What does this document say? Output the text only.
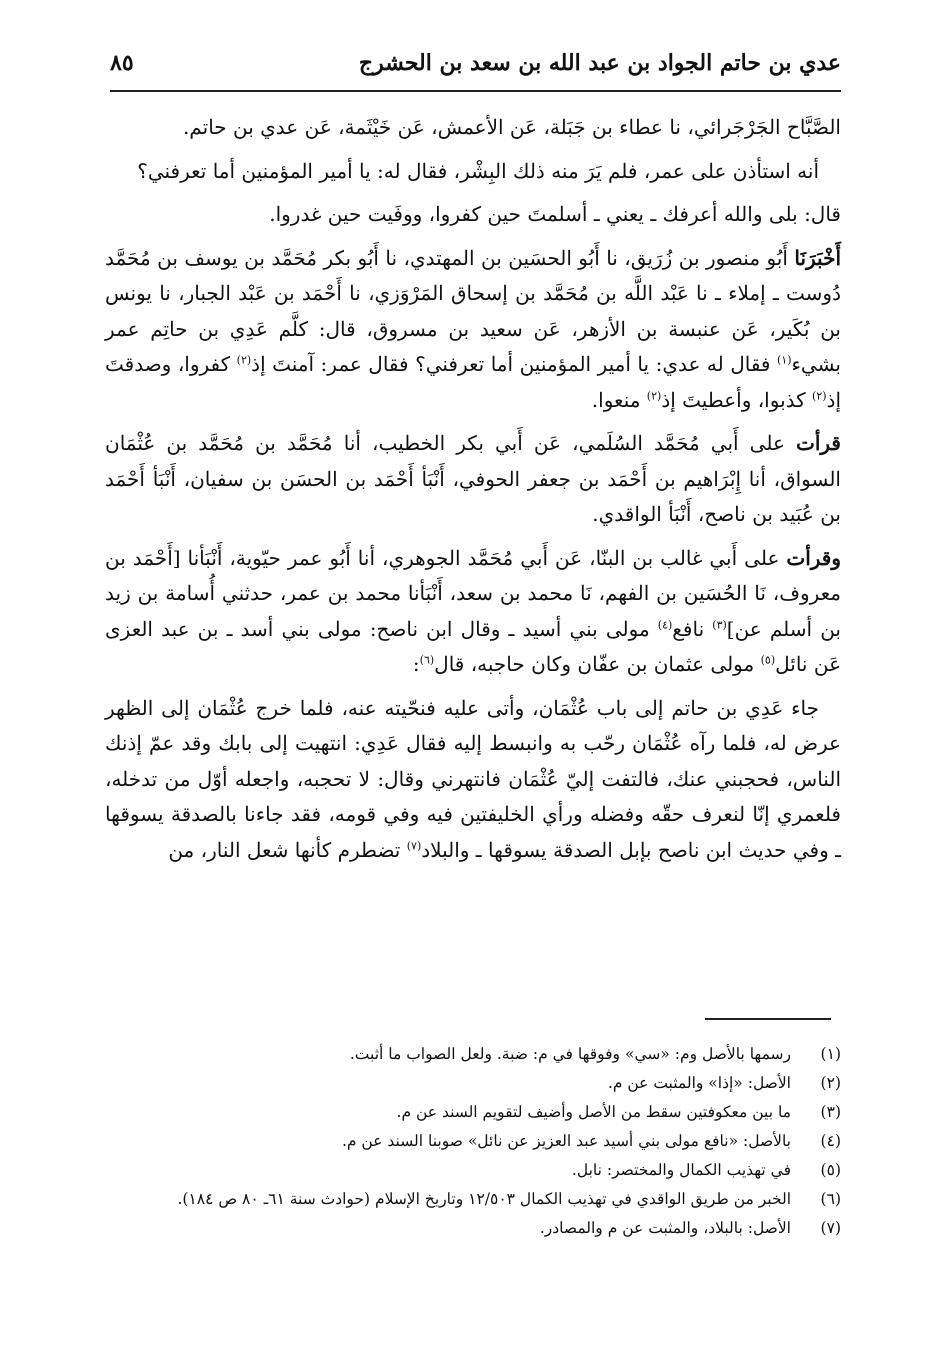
عدي بن حاتم الجواد بن عبد الله بن سعد بن الحشرج
٨٥

الصَّبَّاح الجَرْجَرائي، نا عطاء بن جَبَلة، عَن الأعمش، عَن خَيْثَمة، عَن عدي بن حاتم.

أنه استأذن على عمر، فلم يَرَ منه ذلك البِشْر، فقال له: يا أمير المؤمنين أما تعرفني؟

قال: بلى والله أعرفك ـ يعني ـ أسلمتَ حين كفروا، ووفَيت حين غدروا.

أَخْبَرَنَا أَبُو منصور بن زُرَيق، نا أَبُو الحسَين بن المهتدي، نا أَبُو بكر مُحَمَّد بن يوسف بن مُحَمَّد دُوست ـ إملاء ـ نا عَبْد اللَّه بن مُحَمَّد بن إسحاق المَرْوَزي، نا أَحْمَد بن عَبْد الجبار، نا يونس بن بُكَير، عَن عنبسة بن الأزهر، عَن سعيد بن مسروق، قال: كلَّم عَدِي بن حاتِم عمر بشيء$^{(١)}$ فقال له عدي: يا أمير المؤمنين أما تعرفني؟ فقال عمر: آمنتَ إذ$^{(٢)}$ كفروا، وصدقتَ إذ$^{(٢)}$ كذبوا، وأعطيتَ إذ$^{(٢)}$ منعوا.

قرأت على أَبي مُحَمَّد السُلَمي، عَن أَبي بكر الخطيب، أنا مُحَمَّد بن مُحَمَّد بن عُثْمَان السواق، أنا إِبْرَاهيم بن أَحْمَد بن جعفر الحوفي، أَنْبَأ أَحْمَد بن الحسَن بن سفيان، أَنْبَأ أَحْمَد بن عُبَيد بن ناصح، أَنْبَأ الواقدي.

وقرأت على أَبي غالب بن البنّا، عَن أَبي مُحَمَّد الجوهري، أنا أَبُو عمر حيّوية، أَنْبَأنا [أَحْمَد بن معروف، نَا الحُسَين بن الفهم، نَا محمد بن سعد، أَنْبَأنا محمد بن عمر، حدثني أُسامة بن زيد بن أسلم عن]$^{(٣)}$ نافع$^{(٤)}$ مولى بني أسيد ـ وقال ابن ناصح: مولى بني أسد ـ بن عبد العزى عَن نائل$^{(٥)}$ مولى عثمان بن عفّان وكان حاجبه، قال$^{(٦)}$:

جاء عَدِي بن حاتم إلى باب عُثْمَان، وأتى عليه فنحّيته عنه، فلما خرج عُثْمَان إلى الظهر عرض له، فلما رآه عُثْمَان رحّب به وانبسط إليه فقال عَدِي: انتهيت إلى بابك وقد عمّ إذنك الناس، فحجبني عنك، فالتفت إليّ عُثْمَان فانتهرني وقال: لا تحجبه، واجعله أوّل من تدخله، فلعمري إنّا لنعرف حقّه وفضله ورأي الخليفتين فيه وفي قومه، فقد جاءنا بالصدقة يسوقها ـ وفي حديث ابن ناصح بإبل الصدقة يسوقها ـ والبلاد$^{(٧)}$ تضطرم كأنها شعل النار، من

(١)
رسمها بالأصل وم: «سي» وفوقها في م: ضبة. ولعل الصواب ما أثبت.
(٢)
الأصل: «إذا» والمثبت عن م.
(٣)
ما بين معكوفتين سقط من الأصل وأضيف لتقويم السند عن م.
(٤)
بالأصل: «نافع مولى بني أسيد عبد العزيز عن نائل» صوبنا السند عن م.
(٥)
في تهذيب الكمال والمختصر: نابل.
(٦)
الخبر من طريق الواقدي في تهذيب الكمال ١٢/٥٠٣ وتاريخ الإسلام (حوادث سنة ٦١ـ ٨٠ ص ١٨٤).
(٧)
الأصل: بالبلاد، والمثبت عن م والمصادر.
